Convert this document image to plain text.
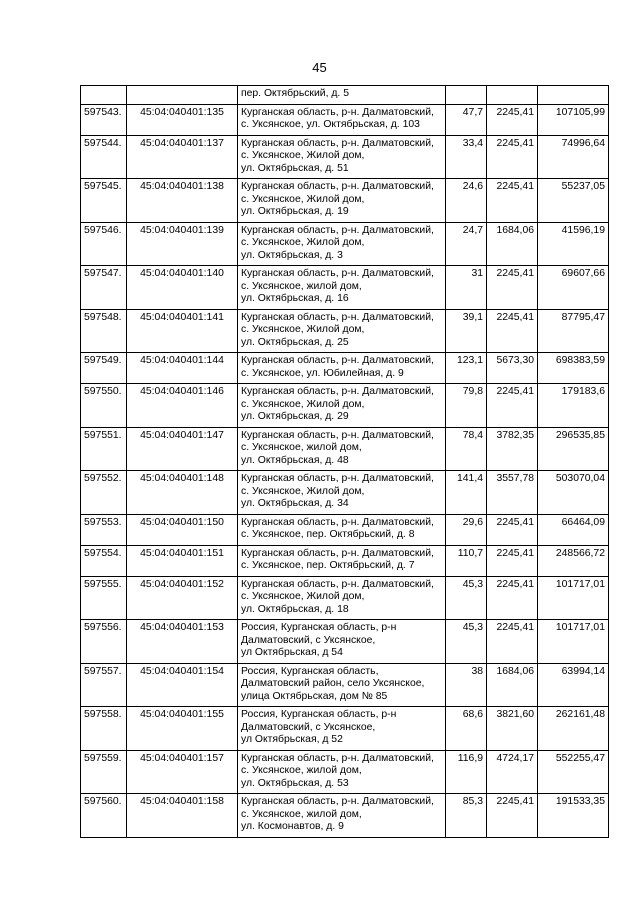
45

		пер. Октябрьский, д. 5			

597543.	45:04:040401:135	Курганская область, р-н. Далматовский,
с. Уксянское, ул. Октябрьская, д. 103	47,7	2245,41	107105,99
597544.	45:04:040401:137	Курганская область, р-н. Далматовский,
с. Уксянское, Жилой дом,
ул. Октябрьская, д. 51	33,4	2245,41	74996,64
597545.	45:04:040401:138	Курганская область, р-н. Далматовский,
с. Уксянское, Жилой дом,
ул. Октябрьская, д. 19	24,6	2245,41	55237,05
597546.	45:04:040401:139	Курганская область, р-н. Далматовский,
с. Уксянское, Жилой дом,
ул. Октябрьская, д. 3	24,7	1684,06	41596,19
597547.	45:04:040401:140	Курганская область, р-н. Далматовский,
с. Уксянское, жилой дом,
ул. Октябрьская, д. 16	31	2245,41	69607,66
597548.	45:04:040401:141	Курганская область, р-н. Далматовский,
с. Уксянское, Жилой дом,
ул. Октябрьская, д. 25	39,1	2245,41	87795,47
597549.	45:04:040401:144	Курганская область, р-н. Далматовский,
с. Уксянское, ул. Юбилейная, д. 9	123,1	5673,30	698383,59
597550.	45:04:040401:146	Курганская область, р-н. Далматовский,
с. Уксянское, Жилой дом,
ул. Октябрьская, д. 29	79,8	2245,41	179183,6
597551.	45:04:040401:147	Курганская область, р-н. Далматовский,
с. Уксянское, жилой дом,
ул. Октябрьская, д. 48	78,4	3782,35	296535,85
597552.	45:04:040401:148	Курганская область, р-н. Далматовский,
с. Уксянское, Жилой дом,
ул. Октябрьская, д. 34	141,4	3557,78	503070,04
597553.	45:04:040401:150	Курганская область, р-н. Далматовский,
с. Уксянское, пер. Октябрьский, д. 8	29,6	2245,41	66464,09
597554.	45:04:040401:151	Курганская область, р-н. Далматовский,
с. Уксянское, пер. Октябрьский, д. 7	110,7	2245,41	248566,72
597555.	45:04:040401:152	Курганская область, р-н. Далматовский,
с. Уксянское, Жилой дом,
ул. Октябрьская, д. 18	45,3	2245,41	101717,01
597556.	45:04:040401:153	Россия, Курганская область, р-н
Далматовский, с Уксянское,
ул Октябрьская, д 54	45,3	2245,41	101717,01
597557.	45:04:040401:154	Россия, Курганская область,
Далматовский район, село Уксянское,
улица Октябрьская, дом № 85	38	1684,06	63994,14
597558.	45:04:040401:155	Россия, Курганская область, р-н
Далматовский, с Уксянское,
ул Октябрьская, д 52	68,6	3821,60	262161,48
597559.	45:04:040401:157	Курганская область, р-н. Далматовский,
с. Уксянское, жилой дом,
ул. Октябрьская, д. 53	116,9	4724,17	552255,47
597560.	45:04:040401:158	Курганская область, р-н. Далматовский,
с. Уксянское, жилой дом,
ул. Космонавтов, д. 9	85,3	2245,41	191533,35
